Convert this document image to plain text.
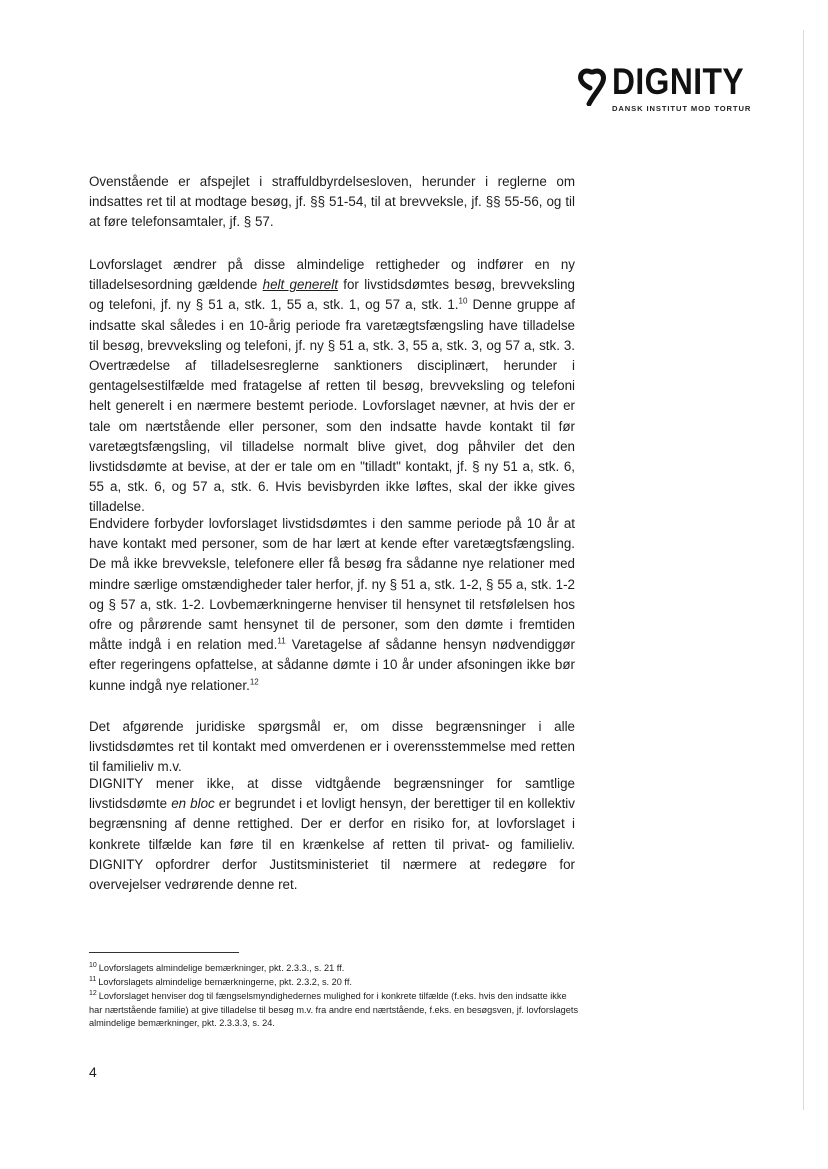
DIGNITY
DANSK INSTITUT MOD TORTUR

Ovenstående er afspejlet i straffuldbyrdelsesloven, herunder i reglerne om indsattes ret til at modtage besøg, jf. §§ 51-54, til at brevveksle, jf. §§ 55-56, og til at føre telefonsamtaler, jf. § 57.

Lovforslaget ændrer på disse almindelige rettigheder og indfører en ny tilladelsesordning gældende helt generelt for livstidsdømtes besøg, brevveksling og telefoni, jf. ny § 51 a, stk. 1, 55 a, stk. 1, og 57 a, stk. 1.10 Denne gruppe af indsatte skal således i en 10-årig periode fra varetægtsfængsling have tilladelse til besøg, brevveksling og telefoni, jf. ny § 51 a, stk. 3, 55 a, stk. 3, og 57 a, stk. 3. Overtrædelse af tilladelsesreglerne sanktioners disciplinært, herunder i gentagelsestilfælde med fratagelse af retten til besøg, brevveksling og telefoni helt generelt i en nærmere bestemt periode. Lovforslaget nævner, at hvis der er tale om nærtstående eller personer, som den indsatte havde kontakt til før varetægtsfængsling, vil tilladelse normalt blive givet, dog påhviler det den livstidsdømte at bevise, at der er tale om en "tilladt" kontakt, jf. § ny 51 a, stk. 6, 55 a, stk. 6, og 57 a, stk. 6. Hvis bevisbyrden ikke løftes, skal der ikke gives tilladelse.

Endvidere forbyder lovforslaget livstidsdømtes i den samme periode på 10 år at have kontakt med personer, som de har lært at kende efter varetægtsfængsling. De må ikke brevveksle, telefonere eller få besøg fra sådanne nye relationer med mindre særlige omstændigheder taler herfor, jf. ny § 51 a, stk. 1-2, § 55 a, stk. 1-2 og § 57 a, stk. 1-2. Lovbemærkningerne henviser til hensynet til retsfølelsen hos ofre og pårørende samt hensynet til de personer, som den dømte i fremtiden måtte indgå i en relation med.$^{11}$ Varetagelse af sådanne hensyn nødvendiggør efter regeringens opfattelse, at sådanne dømte i 10 år under afsoningen ikke bør kunne indgå nye relationer.$^{12}$

Det afgørende juridiske spørgsmål er, om disse begrænsninger i alle livstidsdømtes ret til kontakt med omverdenen er i overensstemmelse med retten til familieliv m.v.

DIGNITY mener ikke, at disse vidtgående begrænsninger for samtlige livstidsdømte en bloc er begrundet i et lovligt hensyn, der berettiger til en kollektiv begrænsning af denne rettighed. Der er derfor en risiko for, at lovforslaget i konkrete tilfælde kan føre til en krænkelse af retten til privat- og familieliv. DIGNITY opfordrer derfor Justitsministeriet til nærmere at redegøre for overvejelser vedrørende denne ret.

$^{10}$ Lovforslagets almindelige bemærkninger, pkt. 2.3.3., s. 21 ff.

$^{11}$ Lovforslagets almindelige bemærkningerne, pkt. 2.3.2, s. 20 ff.

$^{12}$ Lovforslaget henviser dog til fængselsmyndighedernes mulighed for i konkrete tilfælde (f.eks. hvis den indsatte ikke har nærtstående familie) at give tilladelse til besøg m.v. fra andre end nærtstående, f.eks. en besøgsven, jf. lovforslagets almindelige bemærkninger, pkt. 2.3.3.3, s. 24.

4
